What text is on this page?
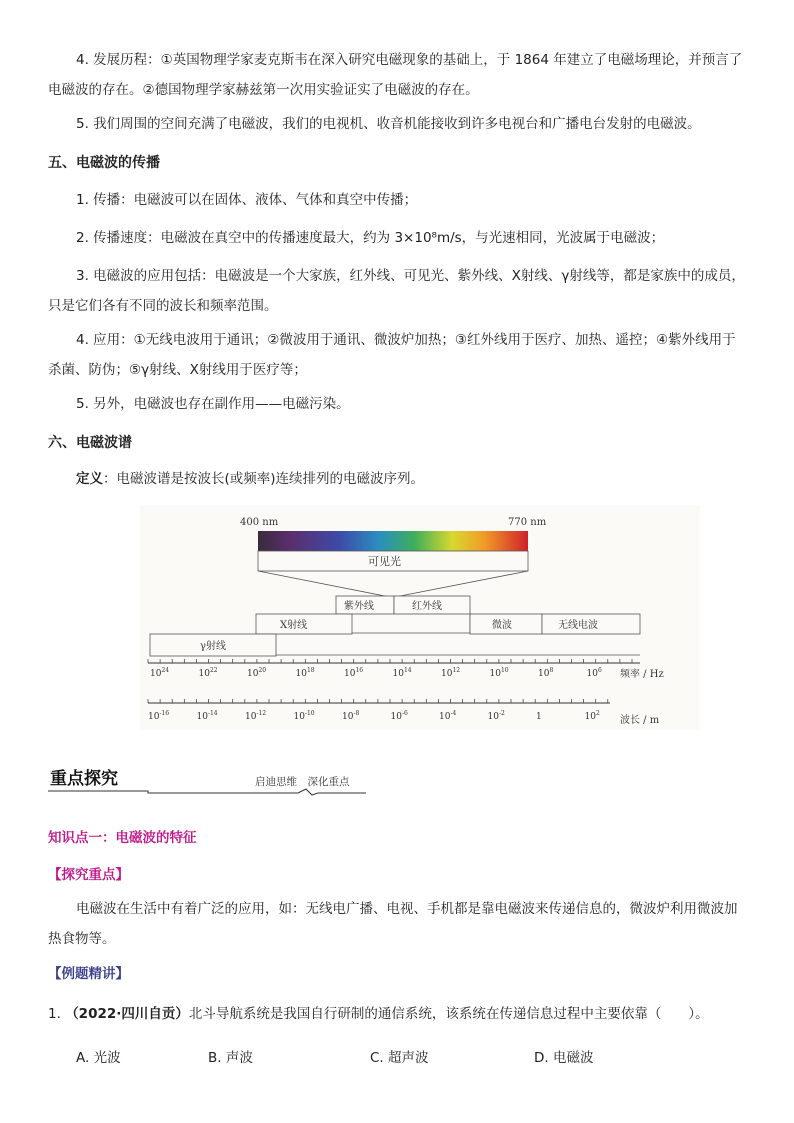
4. 发展历程：①英国物理学家麦克斯韦在深入研究电磁现象的基础上，于 1864 年建立了电磁场理论，并预言了电磁波的存在。②德国物理学家赫兹第一次用实验证实了电磁波的存在。
5. 我们周围的空间充满了电磁波，我们的电视机、收音机能接收到许多电视台和广播电台发射的电磁波。
五、电磁波的传播
1. 传播：电磁波可以在固体、液体、气体和真空中传播；
2. 传播速度：电磁波在真空中的传播速度最大，约为 3×10⁸m/s，与光速相同，光波属于电磁波；
3. 电磁波的应用包括：电磁波是一个大家族，红外线、可见光、紫外线、X射线、γ射线等，都是家族中的成员，只是它们各有不同的波长和频率范围。
4. 应用：①无线电波用于通讯；②微波用于通讯、微波炉加热；③红外线用于医疗、加热、遥控；④紫外线用于杀菌、防伪；⑤γ射线、X射线用于医疗等；
5. 另外，电磁波也存在副作用——电磁污染。
六、电磁波谱
定义：电磁波谱是按波长(或频率)连续排列的电磁波序列。
400 nm	770 nm
可见光
紫外线	红外线
X射线	微波	无线电波
γ射线
$10^{24}$	$10^{22}$	$10^{20}$	$10^{18}$	$10^{16}$	$10^{14}$	$10^{12}$	$10^{10}$	$10^8$	$10^6$ 频率 / Hz
$10^{-16}$	$10^{-14}$	$10^{-12}$	$10^{-10}$	$10^{-8}$	$10^{-6}$	$10^{-4}$	$10^{-2}$	1	$10^2$
波长 / m
重点探究	启迪思维　深化重点
知识点一：电磁波的特征
【探究重点】
电磁波在生活中有着广泛的应用，如：无线电广播、电视、手机都是靠电磁波来传递信息的，微波炉利用微波加热食物等。
【例题精讲】
1. （2022·四川自贡）北斗导航系统是我国自行研制的通信系统，该系统在传递信息过程中主要依靠（　　）。
A. 光波	B. 声波	C. 超声波	D. 电磁波
